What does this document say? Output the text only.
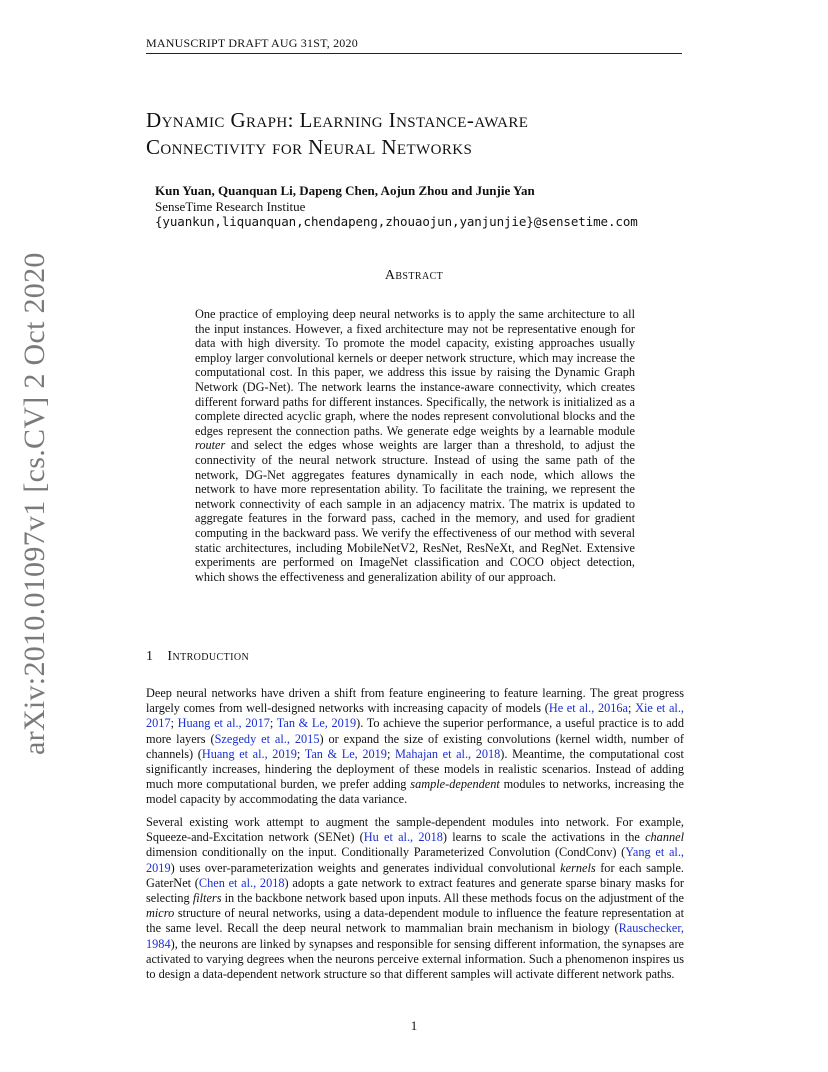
MANUSCRIPT DRAFT AUG 31ST, 2020
arXiv:2010.01097v1 [cs.CV] 2 Oct 2020
Dynamic Graph: Learning Instance-aware
Connectivity for Neural Networks
Kun Yuan, Quanquan Li, Dapeng Chen, Aojun Zhou and Junjie Yan
SenseTime Research Institue
{yuankun,liquanquan,chendapeng,zhouaojun,yanjunjie}@sensetime.com
Abstract
One practice of employing deep neural networks is to apply the same architecture to all the input instances. However, a fixed architecture may not be representative enough for data with high diversity. To promote the model capacity, existing approaches usually employ larger convolutional kernels or deeper network structure, which may increase the computational cost. In this paper, we address this issue by raising the Dynamic Graph Network (DG-Net). The network learns the instance-aware connectivity, which creates different forward paths for different instances. Specifically, the network is initialized as a complete directed acyclic graph, where the nodes represent convolutional blocks and the edges represent the connection paths. We generate edge weights by a learnable module router and select the edges whose weights are larger than a threshold, to adjust the connectivity of the neural network structure. Instead of using the same path of the network, DG-Net aggregates features dynamically in each node, which allows the network to have more representation ability. To facilitate the training, we represent the network connectivity of each sample in an adjacency matrix. The matrix is updated to aggregate features in the forward pass, cached in the memory, and used for gradient computing in the backward pass. We verify the effectiveness of our method with several static architectures, including MobileNetV2, ResNet, ResNeXt, and RegNet. Extensive experiments are performed on ImageNet classification and COCO object detection, which shows the effectiveness and generalization ability of our approach.
1 Introduction
Deep neural networks have driven a shift from feature engineering to feature learning. The great progress largely comes from well-designed networks with increasing capacity of models (He et al., 2016a; Xie et al., 2017; Huang et al., 2017; Tan & Le, 2019). To achieve the superior performance, a useful practice is to add more layers (Szegedy et al., 2015) or expand the size of existing convolutions (kernel width, number of channels) (Huang et al., 2019; Tan & Le, 2019; Mahajan et al., 2018). Meantime, the computational cost significantly increases, hindering the deployment of these models in realistic scenarios. Instead of adding much more computational burden, we prefer adding sample-dependent modules to networks, increasing the model capacity by accommodating the data variance.
Several existing work attempt to augment the sample-dependent modules into network. For example, Squeeze-and-Excitation network (SENet) (Hu et al., 2018) learns to scale the activations in the channel dimension conditionally on the input. Conditionally Parameterized Convolution (CondConv) (Yang et al., 2019) uses over-parameterization weights and generates individual convolutional kernels for each sample. GaterNet (Chen et al., 2018) adopts a gate network to extract features and generate sparse binary masks for selecting filters in the backbone network based upon inputs. All these methods focus on the adjustment of the micro structure of neural networks, using a data-dependent module to influence the feature representation at the same level. Recall the deep neural network to mammalian brain mechanism in biology (Rauschecker, 1984), the neurons are linked by synapses and responsible for sensing different information, the synapses are activated to varying degrees when the neurons perceive external information. Such a phenomenon inspires us to design a data-dependent network structure so that different samples will activate different network paths.
1
